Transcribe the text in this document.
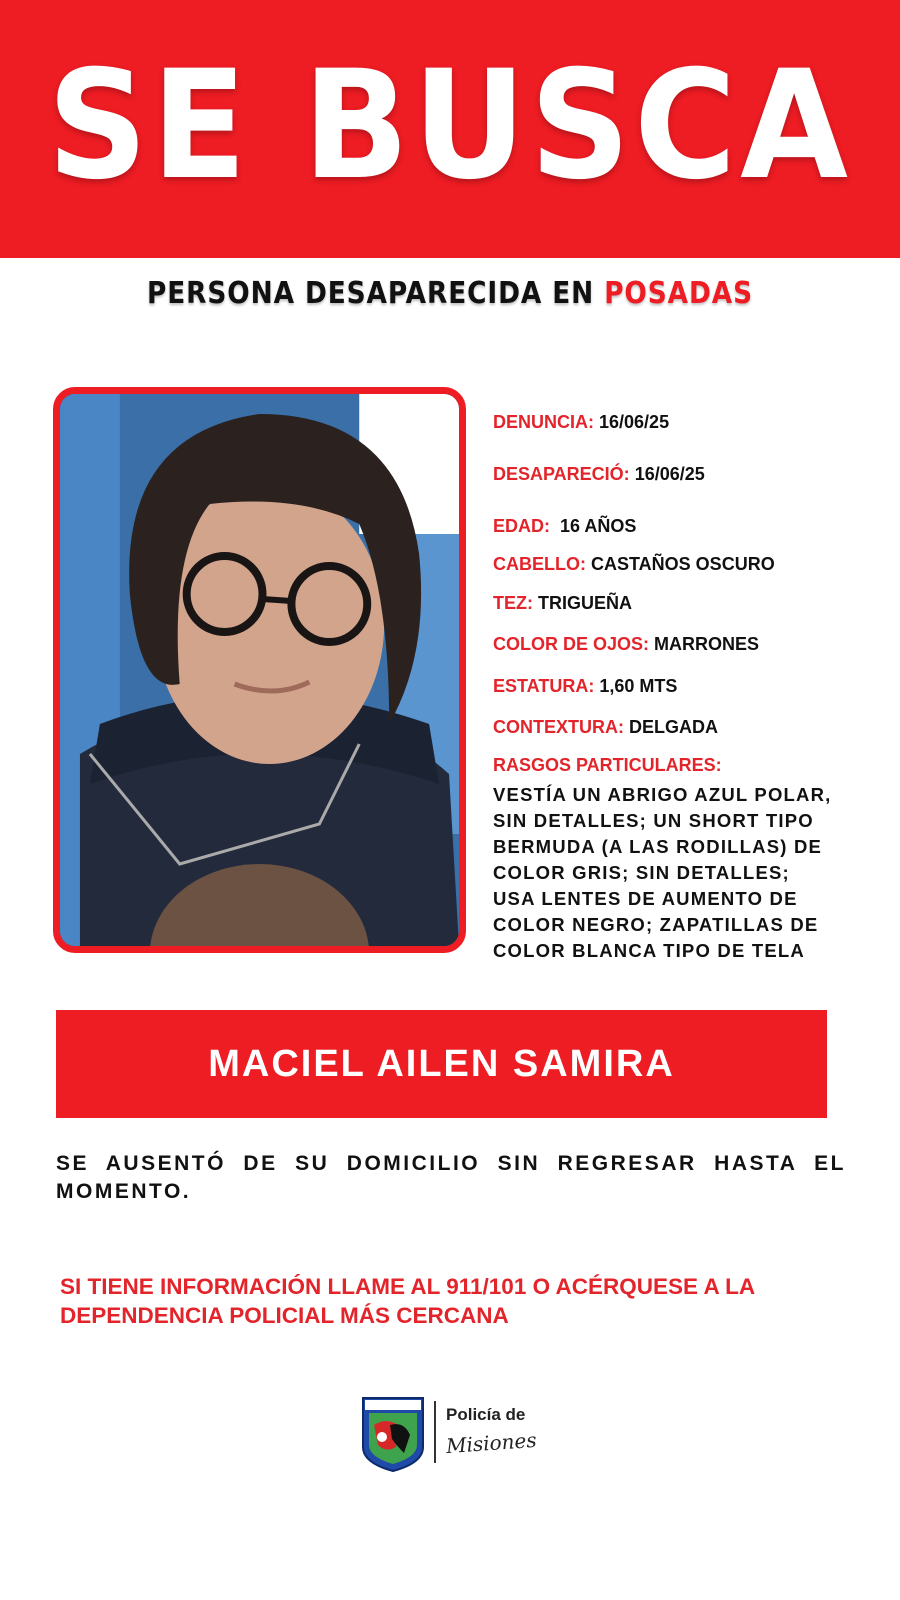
SE BUSCA
PERSONA DESAPARECIDA EN POSADAS
DENUNCIA: 16/06/25
DESAPARECIÓ: 16/06/25
EDAD: 16 AÑOS
CABELLO: CASTAÑOS OSCURO
TEZ: TRIGUEÑA
COLOR DE OJOS: MARRONES
ESTATURA: 1,60 MTS
CONTEXTURA: DELGADA
RASGOS PARTICULARES:
VESTÍA UN ABRIGO AZUL POLAR, SIN DETALLES; UN SHORT TIPO BERMUDA (A LAS RODILLAS) DE COLOR GRIS; SIN DETALLES; USA LENTES DE AUMENTO DE COLOR NEGRO; ZAPATILLAS DE COLOR BLANCA TIPO DE TELA
MACIEL AILEN SAMIRA
SE AUSENTÓ DE SU DOMICILIO SIN REGRESAR HASTA EL MOMENTO.
SI TIENE INFORMACIÓN LLAME AL 911/101 O ACÉRQUESE A LA DEPENDENCIA POLICIAL MÁS CERCANA
Policía de
Misiones
